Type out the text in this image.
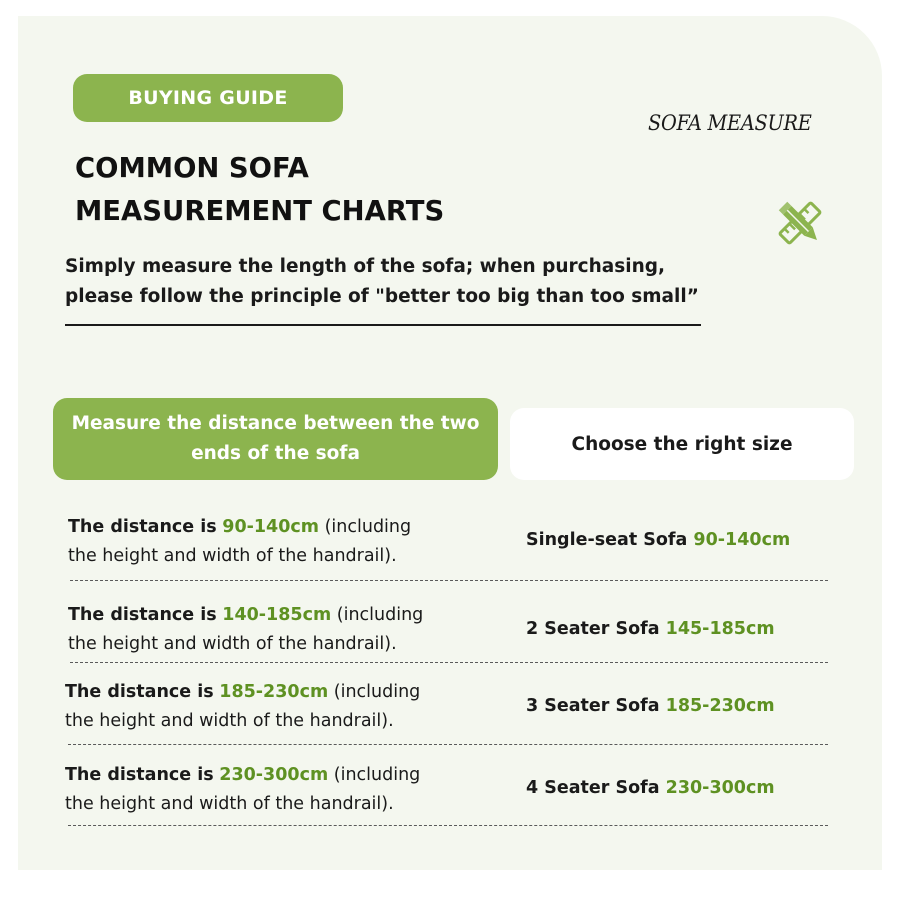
BUYING GUIDE
SOFA MEASURE
COMMON SOFA
MEASUREMENT CHARTS
Simply measure the length of the sofa; when purchasing,
please follow the principle of "better too big than too small”
Measure the distance between the two
ends of the sofa	Choose the right size
The distance is 90-140cm (including
the height and width of the handrail).
Single-seat Sofa 90-140cm
The distance is 140-185cm (including
the height and width of the handrail).
2 Seater Sofa 145-185cm
The distance is 185-230cm (including
the height and width of the handrail).
3 Seater Sofa 185-230cm
The distance is 230-300cm (including
the height and width of the handrail).
4 Seater Sofa 230-300cm
